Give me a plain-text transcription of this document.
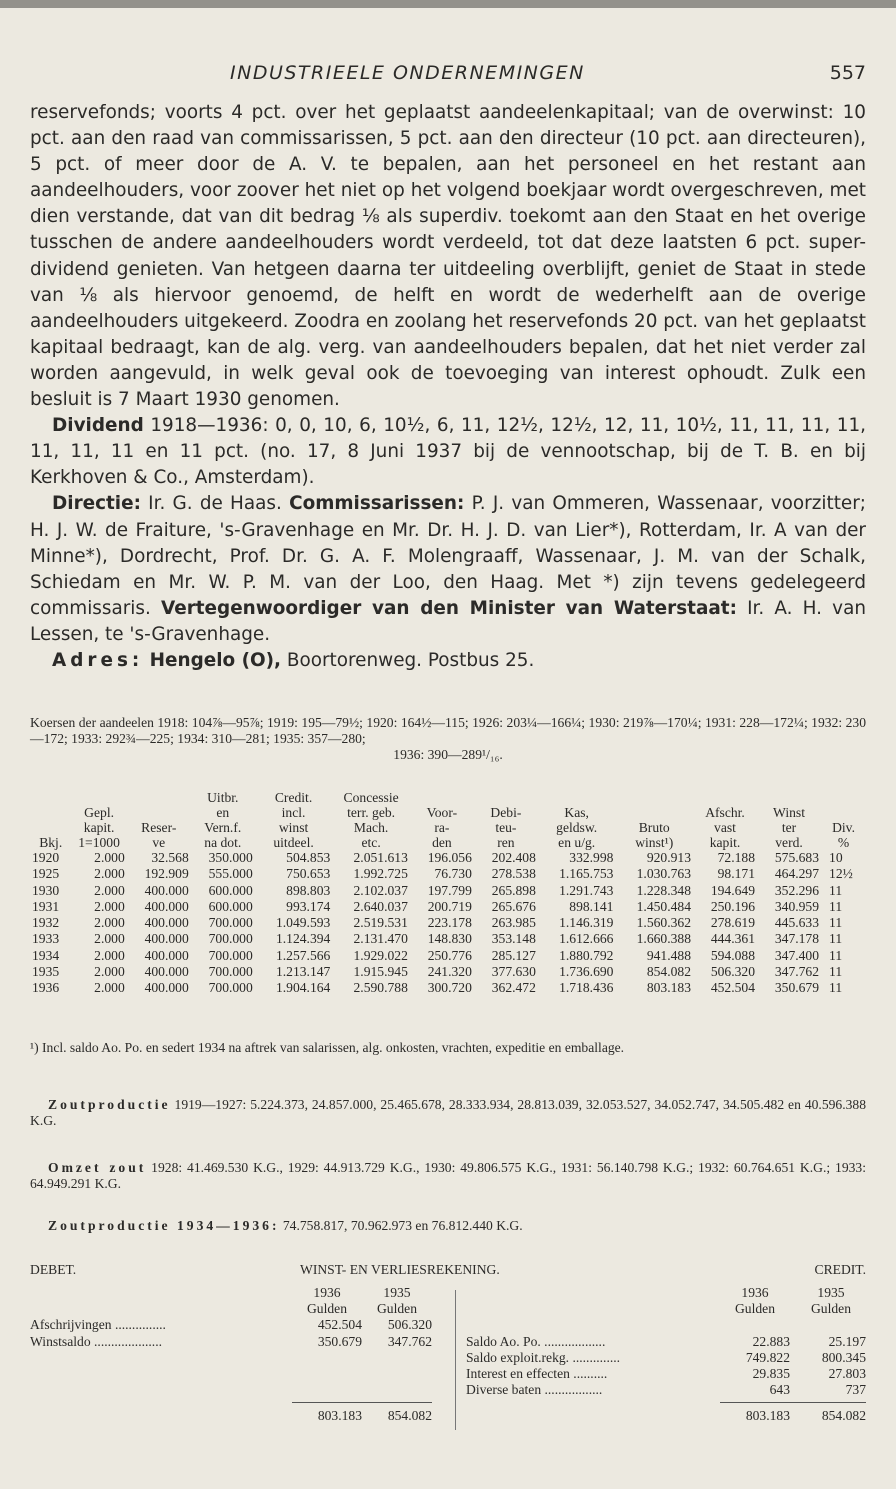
INDUSTRIEELE ONDERNEMINGEN	557

reservefonds; voorts 4 pct. over het geplaatst aandeelenkapitaal; van de overwinst: 10 pct. aan den raad van commissarissen, 5 pct. aan den directeur (10 pct. aan directeuren), 5 pct. of meer door de A. V. te bepalen, aan het personeel en het restant aan aandeelhouders, voor zoover het niet op het volgend boekjaar wordt overgeschreven, met dien verstande, dat van dit bedrag ⅛ als superdiv. toekomt aan den Staat en het overige tusschen de andere aandeelhouders wordt verdeeld, tot dat deze laatsten 6 pct. super-dividend genieten. Van hetgeen daarna ter uitdeeling overblijft, geniet de Staat in stede van ⅛ als hiervoor genoemd, de helft en wordt de wederhelft aan de overige aandeelhouders uitgekeerd. Zoodra en zoolang het reservefonds 20 pct. van het geplaatst kapitaal bedraagt, kan de alg. verg. van aandeelhouders bepalen, dat het niet verder zal worden aangevuld, in welk geval ook de toevoeging van interest ophoudt. Zulk een besluit is 7 Maart 1930 genomen.

Dividend 1918—1936: 0, 0, 10, 6, 10½, 6, 11, 12½, 12½, 12, 11, 10½, 11, 11, 11, 11, 11, 11, 11 en 11 pct. (no. 17, 8 Juni 1937 bij de vennootschap, bij de T. B. en bij Kerkhoven & Co., Amsterdam).

Directie: Ir. G. de Haas. Commissarissen: P. J. van Ommeren, Wassenaar, voorzitter; H. J. W. de Fraiture, 's-Gravenhage en Mr. Dr. H. J. D. van Lier*), Rotterdam, Ir. A van der Minne*), Dordrecht, Prof. Dr. G. A. F. Molengraaff, Wassenaar, J. M. van der Schalk, Schiedam en Mr. W. P. M. van der Loo, den Haag. Met *) zijn tevens gedelegeerd commissaris. Vertegenwoordiger van den Minister van Waterstaat: Ir. A. H. van Lessen, te 's-Gravenhage.

Adres: Hengelo (O), Boortorenweg. Postbus 25.

Koersen der aandeelen 1918: 104⅞—95⅞; 1919: 195—79½; 1920: 164½—115; 1926: 203¼—166¼; 1930: 219⅞—170¼; 1931: 228—172¼; 1932: 230—172; 1933: 292¾—225; 1934: 310—281; 1935: 357—280;
1936: 390—289¹/₁₆.
			Uitbr.	Credit.	Concessie							
	Gepl.		en	incl.	terr. geb.	Voor-	Debi-	Kas,		Afschr.	Winst	
	kapit.	Reser-	Vern.f.	winst	Mach.	ra-	teu-	geldsw.	Bruto	vast	ter	Div.
Bkj.	1=1000	ve	na dot.	uitdeel.	etc.	den	ren	en u/g.	winst¹)	kapit.	verd.	%
1920	2.000	32.568	350.000	504.853	2.051.613	196.056	202.408	332.998	920.913	72.188	575.683	10
1925	2.000	192.909	555.000	750.653	1.992.725	76.730	278.538	1.165.753	1.030.763	98.171	464.297	12½
1930	2.000	400.000	600.000	898.803	2.102.037	197.799	265.898	1.291.743	1.228.348	194.649	352.296	11
1931	2.000	400.000	600.000	993.174	2.640.037	200.719	265.676	898.141	1.450.484	250.196	340.959	11
1932	2.000	400.000	700.000	1.049.593	2.519.531	223.178	263.985	1.146.319	1.560.362	278.619	445.633	11
1933	2.000	400.000	700.000	1.124.394	2.131.470	148.830	353.148	1.612.666	1.660.388	444.361	347.178	11
1934	2.000	400.000	700.000	1.257.566	1.929.022	250.776	285.127	1.880.792	941.488	594.088	347.400	11
1935	2.000	400.000	700.000	1.213.147	1.915.945	241.320	377.630	1.736.690	854.082	506.320	347.762	11
1936	2.000	400.000	700.000	1.904.164	2.590.788	300.720	362.472	1.718.436	803.183	452.504	350.679	11
¹) Incl. saldo Ao. Po. en sedert 1934 na aftrek van salarissen, alg. onkosten, vrachten, expeditie en emballage.
Zoutproductie 1919—1927: 5.224.373, 24.857.000, 25.465.678, 28.333.934, 28.813.039, 32.053.527, 34.052.747, 34.505.482 en 40.596.388 K.G.
Omzet zout 1928: 41.469.530 K.G., 1929: 44.913.729 K.G., 1930: 49.806.575 K.G., 1931: 56.140.798 K.G.; 1932: 60.764.651 K.G.; 1933: 64.949.291 K.G.
Zoutproductie 1934—1936: 74.758.817, 70.962.973 en 76.812.440 K.G.
DEBET.	WINST- EN VERLIESREKENING.	CREDIT.
1936	1935
Gulden	Gulden
Afschrijvingen ...............	452.504	506.320
Winstsaldo ....................	350.679	347.762
1936	1935
Gulden	Gulden
Saldo Ao. Po. ..................	22.883	25.197
Saldo exploit.rekg. ..............	749.822	800.345
Interest en effecten ..........	29.835	27.803
Diverse baten .................	643	737
803.183	854.082	803.183	854.082
